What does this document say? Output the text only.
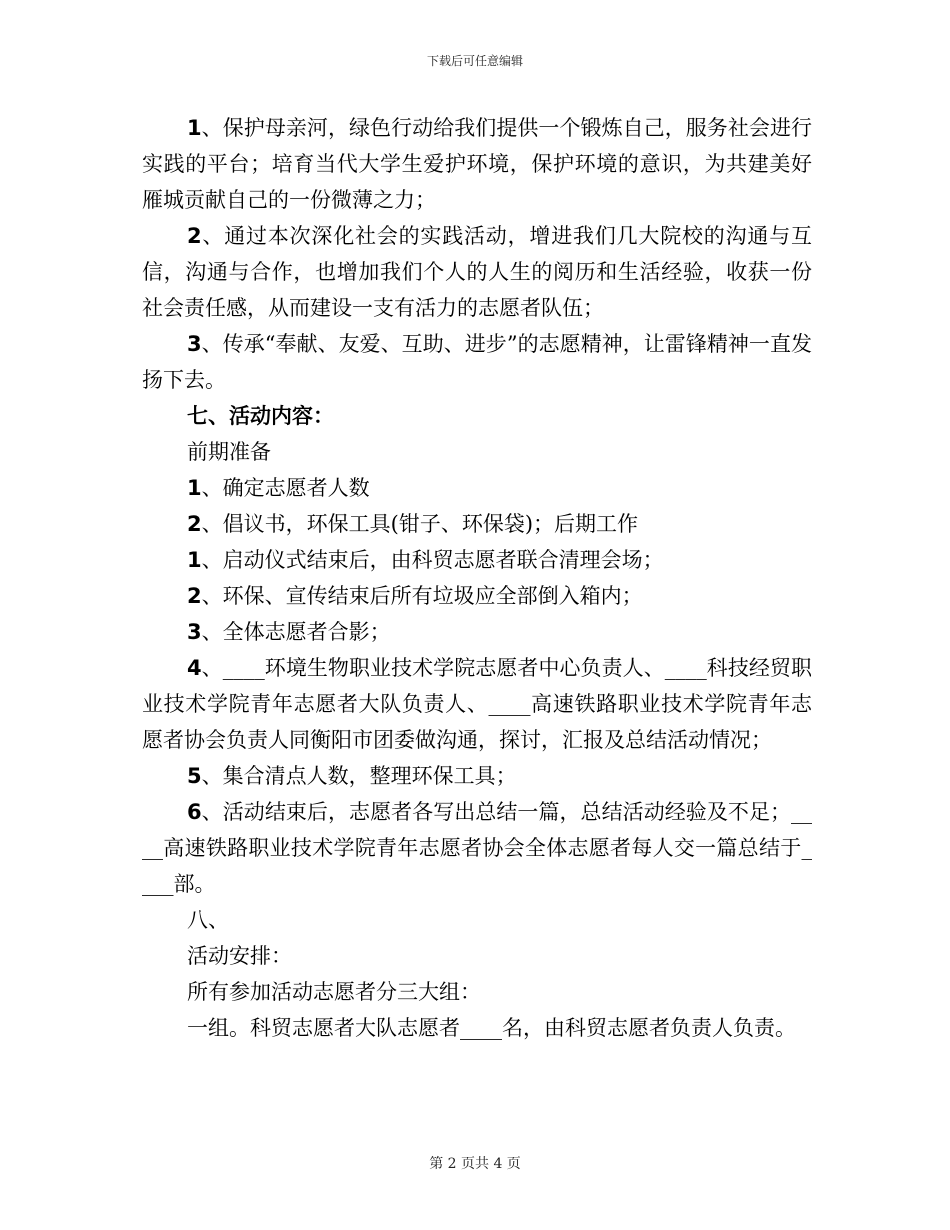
下载后可任意编辑

1、保护母亲河，绿色行动给我们提供一个锻炼自己，服务社会进行实践的平台；培育当代大学生爱护环境，保护环境的意识，为共建美好雁城贡献自己的一份微薄之力；

2、通过本次深化社会的实践活动，增进我们几大院校的沟通与互信，沟通与合作，也增加我们个人的人生的阅历和生活经验，收获一份社会责任感，从而建设一支有活力的志愿者队伍；

3、传承“奉献、友爱、互助、进步”的志愿精神，让雷锋精神一直发扬下去。

七、活动内容：

前期准备

1、确定志愿者人数

2、倡议书，环保工具(钳子、环保袋)；后期工作

1、启动仪式结束后，由科贸志愿者联合清理会场；

2、环保、宣传结束后所有垃圾应全部倒入箱内；

3、全体志愿者合影；

4、____环境生物职业技术学院志愿者中心负责人、____科技经贸职业技术学院青年志愿者大队负责人、____高速铁路职业技术学院青年志愿者协会负责人同衡阳市团委做沟通，探讨，汇报及总结活动情况；

5、集合清点人数，整理环保工具；

6、活动结束后，志愿者各写出总结一篇，总结活动经验及不足；____高速铁路职业技术学院青年志愿者协会全体志愿者每人交一篇总结于____部。

八、

活动安排：

所有参加活动志愿者分三大组：

一组。科贸志愿者大队志愿者____名，由科贸志愿者负责人负责。

第 2 页共 4 页
